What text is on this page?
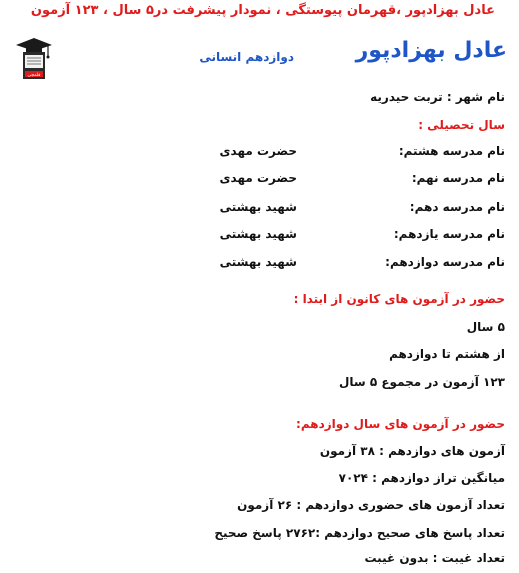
عادل بهزادپور ،قهرمان پیوستگی ، نمودار پیشرفت در۵ سال ، ۱۲۳ آزمون
قلمچی
عادل بهزادپور
دوازدهم انسانی
نام شهر : تربت حیدریه
سال تحصیلی :
نام مدرسه هشتم:
حضرت مهدی
نام مدرسه نهم:
حضرت مهدی
نام مدرسه دهم:
شهید بهشتی
نام مدرسه یازدهم:
شهید بهشتی
نام مدرسه دوازدهم:
شهید بهشتی
حضور در آزمون های کانون از ابتدا :
۵ سال
از هشتم تا دوازدهم
۱۲۳ آزمون در مجموع ۵ سال
حضور در آزمون های سال دوازدهم:
آزمون های دوازدهم : ۳۸ آزمون
میانگین تراز دوازدهم : ۷۰۲۴
تعداد آزمون های حضوری دوازدهم : ۲۶ آزمون
تعداد پاسخ های صحیح دوازدهم :۲۷۶۲ پاسخ صحیح
تعداد غیبت : بدون غیبت
